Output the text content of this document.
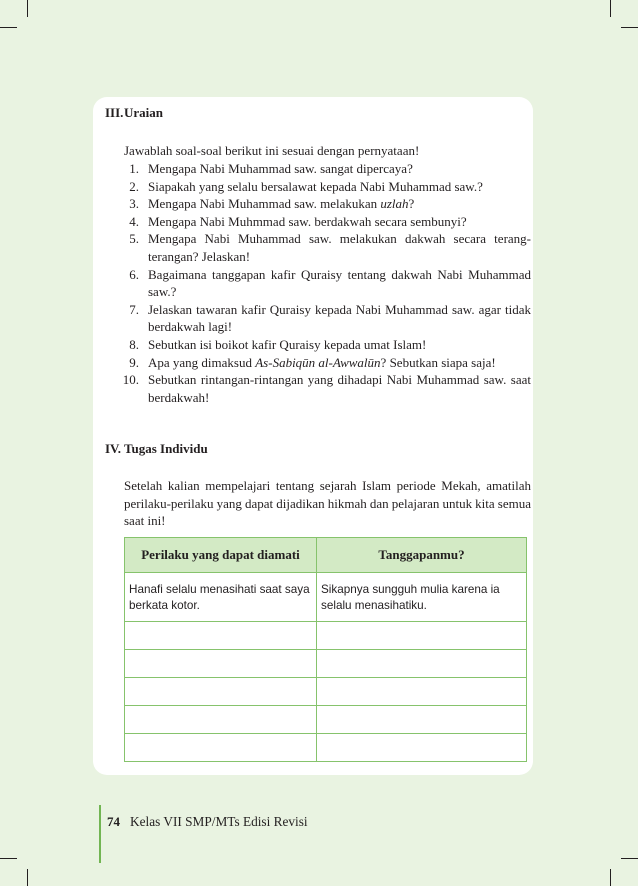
III.Uraian
Jawablah soal-soal berikut ini sesuai dengan pernyataan!
1. Mengapa Nabi Muhammad saw. sangat dipercaya?
2. Siapakah yang selalu bersalawat kepada Nabi Muhammad saw.?
3. Mengapa Nabi Muhammad saw. melakukan uzlah?
4. Mengapa Nabi Muhmmad saw. berdakwah secara sembunyi?
5. Mengapa Nabi Muhammad saw. melakukan dakwah secara terang-
terangan? Jelaskan!
6. Bagaimana tanggapan kafir Quraisy tentang dakwah Nabi Muhammad
saw.?
7. Jelaskan tawaran kafir Quraisy kepada Nabi Muhammad saw. agar tidak
berdakwah lagi!
8. Sebutkan isi boikot kafir Quraisy kepada umat Islam!
9. Apa yang dimaksud As-Sabiqūn al-Awwalūn? Sebutkan siapa saja!
10. Sebutkan rintangan-rintangan yang dihadapi Nabi Muhammad saw. saat
berdakwah!
IV. Tugas Individu
Setelah kalian mempelajari tentang sejarah Islam periode Mekah, amatilah
perilaku-perilaku yang dapat dijadikan hikmah dan pelajaran untuk kita semua
saat ini!
Perilaku yang dapat diamati	Tanggapanmu?
Hanafi selalu menasihati saat saya
berkata kotor.
Sikapnya sungguh mulia karena ia
selalu menasihatiku.
74 Kelas VII SMP/MTs Edisi Revisi
